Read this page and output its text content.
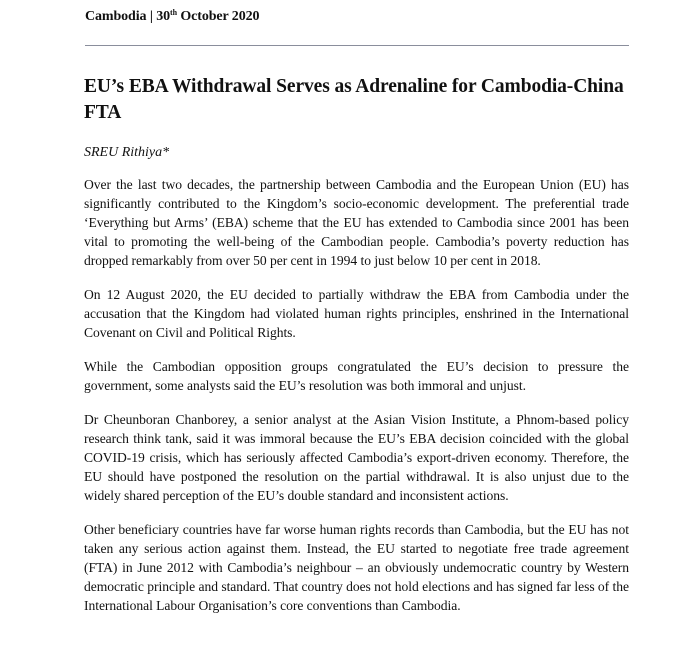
Cambodia | 30th October 2020
EU’s EBA Withdrawal Serves as Adrenaline for Cambodia-China FTA
SREU Rithiya*

Over the last two decades, the partnership between Cambodia and the European Union (EU) has significantly contributed to the Kingdom’s socio-economic development. The preferential trade ‘Everything but Arms’ (EBA) scheme that the EU has extended to Cambodia since 2001 has been vital to promoting the well-being of the Cambodian people. Cambodia’s poverty reduction has dropped remarkably from over 50 per cent in 1994 to just below 10 per cent in 2018.

On 12 August 2020, the EU decided to partially withdraw the EBA from Cambodia under the accusation that the Kingdom had violated human rights principles, enshrined in the International Covenant on Civil and Political Rights.

While the Cambodian opposition groups congratulated the EU’s decision to pressure the government, some analysts said the EU’s resolution was both immoral and unjust.

Dr Cheunboran Chanborey, a senior analyst at the Asian Vision Institute, a Phnom-based policy research think tank, said it was immoral because the EU’s EBA decision coincided with the global COVID-19 crisis, which has seriously affected Cambodia’s export-driven economy. Therefore, the EU should have postponed the resolution on the partial withdrawal. It is also unjust due to the widely shared perception of the EU’s double standard and inconsistent actions.

Other beneficiary countries have far worse human rights records than Cambodia, but the EU has not taken any serious action against them. Instead, the EU started to negotiate free trade agreement (FTA) in June 2012 with Cambodia’s neighbour – an obviously undemocratic country by Western democratic principle and standard. That country does not hold elections and has signed far less of the International Labour Organisation’s core conventions than Cambodia.
